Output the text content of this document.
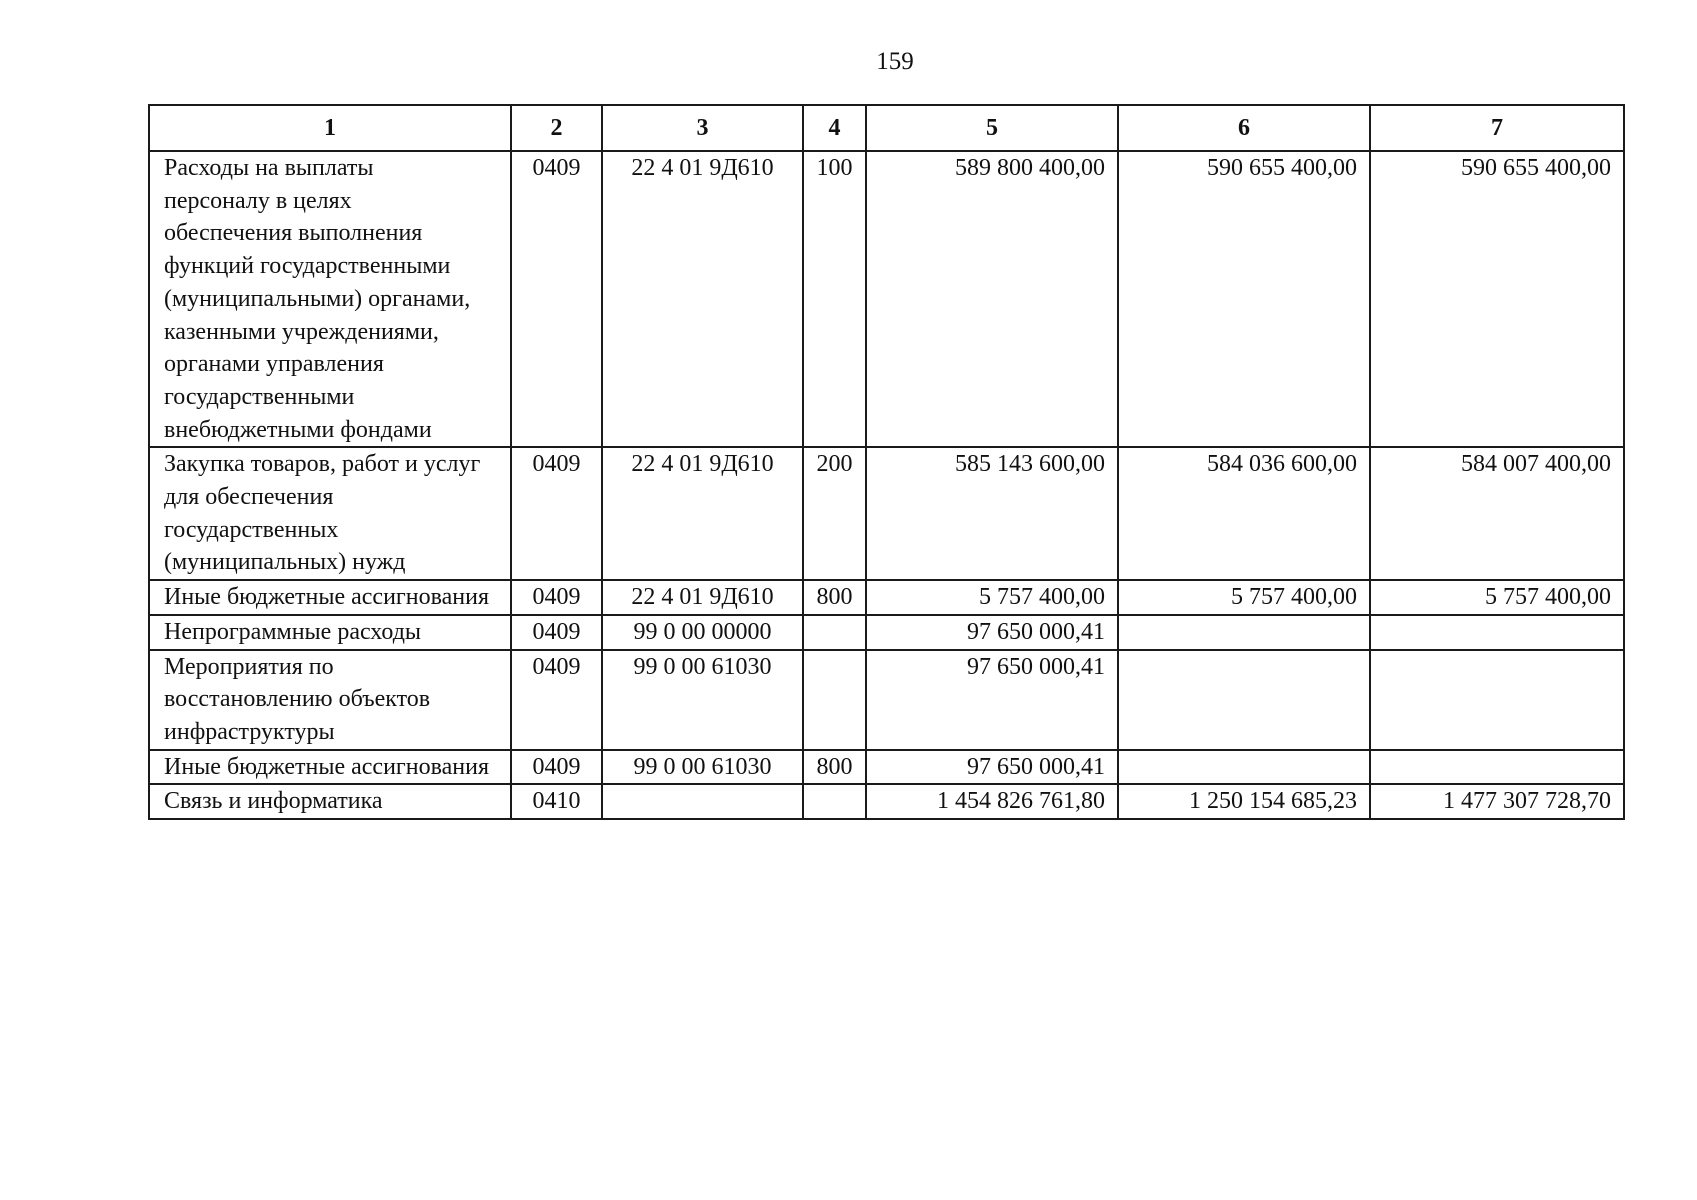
159
1	2	3	4	5	6	7

Расходы на выплаты персоналу в целях обеспечения выполнения функций государственными (муниципальными) органами, казенными учреждениями, органами управления государственными внебюджетными фондами	0409	22 4 01 9Д610	100	589 800 400,00	590 655 400,00	590 655 400,00
Закупка товаров, работ и услуг для обеспечения государственных (муниципальных) нужд	0409	22 4 01 9Д610	200	585 143 600,00	584 036 600,00	584 007 400,00
Иные бюджетные ассигнования	0409	22 4 01 9Д610	800	5 757 400,00	5 757 400,00	5 757 400,00
Непрограммные расходы	0409	99 0 00 00000		97 650 000,41		
Мероприятия по восстановлению объектов инфраструктуры	0409	99 0 00 61030		97 650 000,41		
Иные бюджетные ассигнования	0409	99 0 00 61030	800	97 650 000,41		
Связь и информатика	0410			1 454 826 761,80	1 250 154 685,23	1 477 307 728,70
